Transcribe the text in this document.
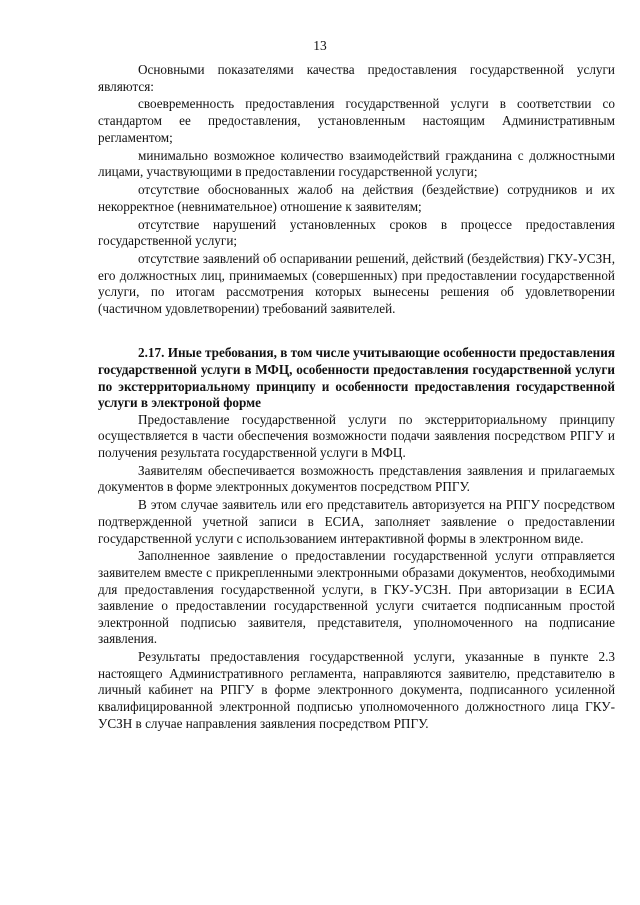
13

Основными показателями качества предоставления государственной услуги являются:

своевременность предоставления государственной услуги в соответствии со стандартом ее предоставления, установленным настоящим Административным регламентом;

минимально возможное количество взаимодействий гражданина с должностными лицами, участвующими в предоставлении государственной услуги;

отсутствие обоснованных жалоб на действия (бездействие) сотрудников и их некорректное (невнимательное) отношение к заявителям;

отсутствие нарушений установленных сроков в процессе предоставления государственной услуги;

отсутствие заявлений об оспаривании решений, действий (бездействия) ГКУ-УСЗН, его должностных лиц, принимаемых (совершенных) при предоставлении государственной услуги, по итогам рассмотрения которых вынесены решения об удовлетворении (частичном удовлетворении) требований заявителей.

2.17. Иные требования, в том числе учитывающие особенности предоставления государственной услуги в МФЦ, особенности предоставления государственной услуги по экстерриториальному принципу и особенности предоставления государственной услуги в электроной форме

Предоставление государственной услуги по экстерриториальному принципу осуществляется в части обеспечения возможности подачи заявления посредством РПГУ и получения результата государственной услуги в МФЦ.

Заявителям обеспечивается возможность представления заявления и прилагаемых документов в форме электронных документов посредством РПГУ.

В этом случае заявитель или его представитель авторизуется на РПГУ посредством подтвержденной учетной записи в ЕСИА, заполняет заявление о предоставлении государственной услуги с использованием интерактивной формы в электронном виде.

Заполненное заявление о предоставлении государственной услуги отправляется заявителем вместе с прикрепленными электронными образами документов, необходимыми для предоставления государственной услуги, в ГКУ-УСЗН. При авторизации в ЕСИА заявление о предоставлении государственной услуги считается подписанным простой электронной подписью заявителя, представителя, уполномоченного на подписание заявления.

Результаты предоставления государственной услуги, указанные в пункте 2.3 настоящего Административного регламента, направляются заявителю, представителю в личный кабинет на РПГУ в форме электронного документа, подписанного усиленной квалифицированной электронной подписью уполномоченного должностного лица ГКУ-УСЗН в случае направления заявления посредством РПГУ.
